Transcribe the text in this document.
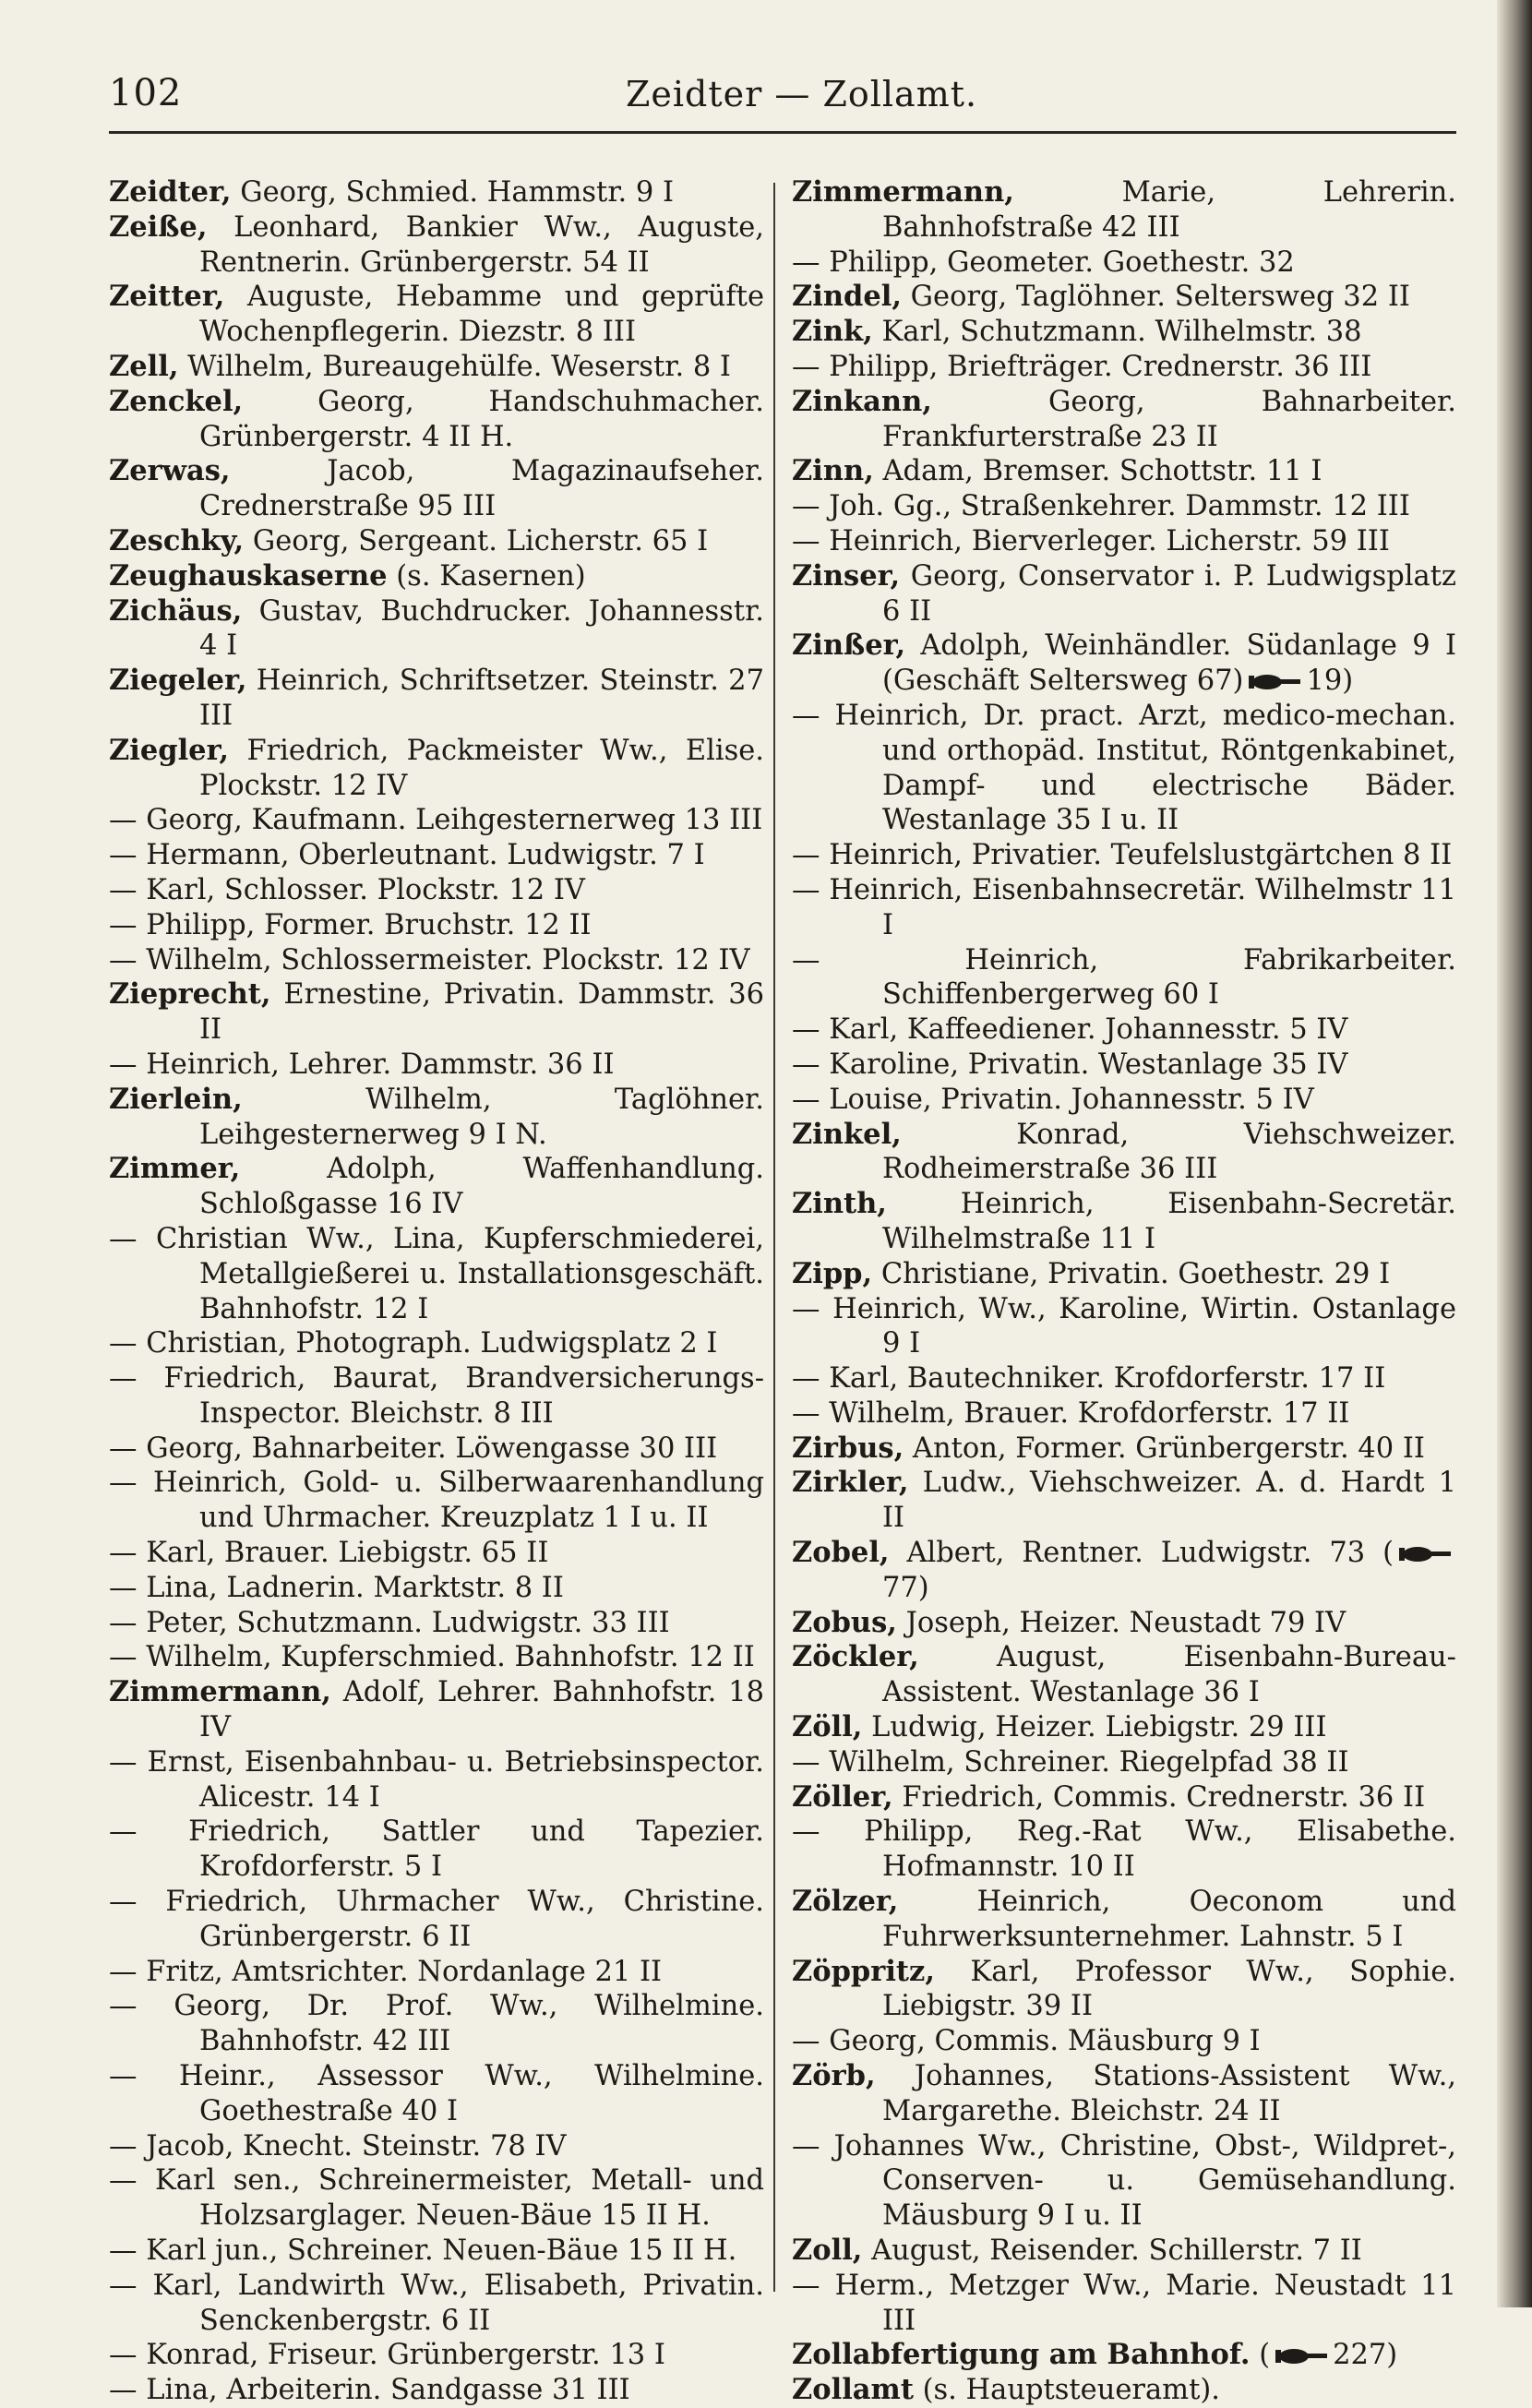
102	Zeidter — Zollamt.

Zeidter, Georg, Schmied. Hammstr. 9 I

Zeiße, Leonhard, Bankier Ww., Auguste, Rentnerin. Grünbergerstr. 54 II

Zeitter, Auguste, Hebamme und geprüfte Wochenpflegerin. Diezstr. 8 III

Zell, Wilhelm, Bureaugehülfe. Weserstr. 8 I

Zenckel,	Georg, Handschuhmacher. Grünbergerstr. 4 II H.

Zerwas,	Jacob, Magazinaufseher. Crednerstraße 95 III

Zeschky, Georg, Sergeant. Licherstr. 65 I

Zeughauskaserne (s. Kasernen)

Zichäus, Gustav, Buchdrucker. Johannesstr. 4 I

Ziegeler, Heinrich, Schriftsetzer. Steinstr. 27 III

Ziegler, Friedrich, Packmeister Ww., Elise. Plockstr. 12 IV

— Georg, Kaufmann. Leihgesternerweg 13 III

— Hermann, Oberleutnant. Ludwigstr. 7 I

— Karl, Schlosser. Plockstr. 12 IV

— Philipp, Former. Bruchstr. 12 II

— Wilhelm, Schlossermeister. Plockstr. 12 IV

Zieprecht, Ernestine, Privatin. Dammstr. 36 II

— Heinrich, Lehrer. Dammstr. 36 II

Zierlein,	Wilhelm, Taglöhner. Leihgesternerweg 9 I N.

Zimmer,	Adolph, Waffenhandlung. Schloßgasse 16 IV

— Christian Ww., Lina, Kupferschmiederei, Metallgießerei u. Installationsgeschäft. Bahnhofstr. 12 I

— Christian, Photograph. Ludwigsplatz 2 I

— Friedrich, Baurat, Brandversicherungs-Inspector. Bleichstr. 8 III

— Georg, Bahnarbeiter. Löwengasse 30 III

— Heinrich, Gold- u. Silberwaarenhandlung und Uhrmacher. Kreuzplatz 1 I u. II

— Karl, Brauer. Liebigstr. 65 II

— Lina, Ladnerin. Marktstr. 8 II

— Peter, Schutzmann. Ludwigstr. 33 III

— Wilhelm, Kupferschmied. Bahnhofstr. 12 II

Zimmermann, Adolf, Lehrer. Bahnhofstr. 18 IV

— Ernst, Eisenbahnbau- u. Betriebsinspector. Alicestr. 14 I

— Friedrich, Sattler und Tapezier. Krofdorferstr. 5 I

— Friedrich, Uhrmacher Ww., Christine. Grünbergerstr. 6 II

— Fritz, Amtsrichter. Nordanlage 21 II

— Georg, Dr. Prof. Ww., Wilhelmine. Bahnhofstr. 42 III

— Heinr., Assessor Ww., Wilhelmine. Goethestraße 40 I

— Jacob, Knecht. Steinstr. 78 IV

— Karl sen., Schreinermeister, Metall- und Holzsarglager. Neuen-Bäue 15 II H.

— Karl jun., Schreiner. Neuen-Bäue 15 II H.

— Karl, Landwirth Ww., Elisabeth, Privatin. Senckenbergstr. 6 II

— Konrad, Friseur. Grünbergerstr. 13 I

— Lina, Arbeiterin. Sandgasse 31 III

Zimmermann,	Marie, Lehrerin. Bahnhofstraße 42 III

— Philipp, Geometer. Goethestr. 32

Zindel, Georg, Taglöhner. Seltersweg 32 II

Zink, Karl, Schutzmann. Wilhelmstr. 38

— Philipp, Briefträger. Crednerstr. 36 III

Zinkann,	Georg, Bahnarbeiter. Frankfurterstraße 23 II

Zinn, Adam, Bremser. Schottstr. 11 I

— Joh. Gg., Straßenkehrer. Dammstr. 12 III

— Heinrich, Bierverleger. Licherstr. 59 III

Zinser, Georg, Conservator i. P. Ludwigsplatz 6 II

Zinßer, Adolph, Weinhändler. Südanlage 9 I (Geschäft Seltersweg 67) 19)

— Heinrich, Dr. pract. Arzt, medico-mechan. und orthopäd. Institut, Röntgenkabinet, Dampf- und electrische Bäder. Westanlage 35 I u. II

— Heinrich, Privatier. Teufelslustgärtchen 8 II

— Heinrich, Eisenbahnsecretär. Wilhelmstr 11 I

—	Heinrich, Fabrikarbeiter. Schiffenbergerweg 60 I

— Karl, Kaffeediener. Johannesstr. 5 IV

— Karoline, Privatin. Westanlage 35 IV

— Louise, Privatin. Johannesstr. 5 IV

Zinkel,	Konrad, Viehschweizer. Rodheimerstraße 36 III

Zinth,	Heinrich, Eisenbahn-Secretär. Wilhelmstraße 11 I

Zipp, Christiane, Privatin. Goethestr. 29 I

— Heinrich, Ww., Karoline, Wirtin. Ostanlage 9 I

— Karl, Bautechniker. Krofdorferstr. 17 II

— Wilhelm, Brauer. Krofdorferstr. 17 II

Zirbus, Anton, Former. Grünbergerstr. 40 II

Zirkler, Ludw., Viehschweizer. A. d. Hardt 1 II

Zobel, Albert, Rentner. Ludwigstr. 73 (77)

Zobus, Joseph, Heizer. Neustadt 79 IV

Zöckler,	August, Eisenbahn-Bureau-Assistent. Westanlage 36 I

Zöll, Ludwig, Heizer. Liebigstr. 29 III

— Wilhelm, Schreiner. Riegelpfad 38 II

Zöller, Friedrich, Commis. Crednerstr. 36 II

— Philipp, Reg.-Rat Ww., Elisabethe. Hofmannstr. 10 II

Zölzer,	Heinrich, Oeconom und Fuhrwerksunternehmer. Lahnstr. 5 I

Zöppritz, Karl, Professor Ww., Sophie. Liebigstr. 39 II

— Georg, Commis. Mäusburg 9 I

Zörb, Johannes, Stations-Assistent Ww., Margarethe. Bleichstr. 24 II

— Johannes Ww., Christine, Obst-, Wildpret-, Conserven- u. Gemüsehandlung. Mäusburg 9 I u. II

Zoll, August, Reisender. Schillerstr. 7 II

— Herm., Metzger Ww., Marie. Neustadt 11 III

Zollabfertigung am Bahnhof. ( 227)

Zollamt (s. Hauptsteueramt).
